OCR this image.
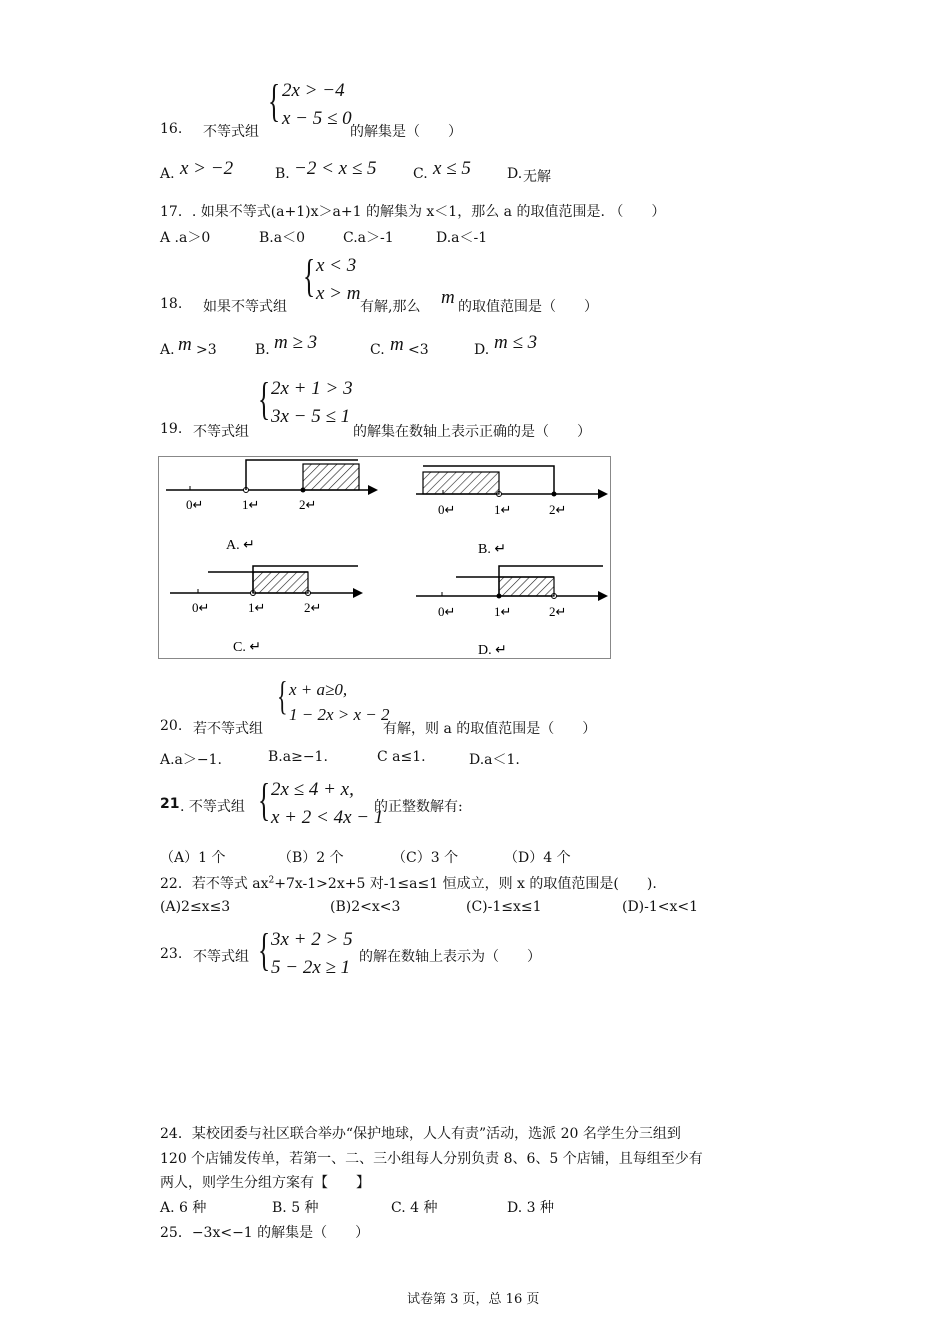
{ 2x > −4
x − 5 ≤ 0
16. 不等式组	的解集是（　　）
A. x > −2	B. −2 < x ≤ 5	C. x ≤ 5	D. 无解
17．. 如果不等式(a+1)x＞a+1 的解集为 x＜1，那么 a 的取值范围是. （　　）
A .a＞0	B.a＜0	C.a＞-1	D.a＜-1
{ x < 3
x > m
18. 如果不等式组	有解,那么 m 的取值范围是（　　）
A. m >3	B. m ≥ 3	C. m <3	D. m ≤ 3
{ 2x + 1 > 3
3x − 5 ≤ 1
19. 不等式组	的解集在数轴上表示正确的是（　　）
0↵	1↵	2↵
A. ↵
0↵	1↵	2↵
B. ↵
0↵	1↵	2↵
C. ↵
0↵	1↵	2↵
D. ↵
{ x + a≥0,
1 − 2x > x − 2
20. 若不等式组	有解，则 a 的取值范围是（　　）
A.a＞−1.	B.a≥−1.	C a≤1.	D.a＜1.
{ 2x ≤ 4 + x,
x + 2 < 4x − 1
21 . 不等式组	的正整数解有:
（A）1 个	（B）2 个	（C）3 个	（D）4 个
22．若不等式 $ax^2+7x-1>2x+5$ 对-1≤a≤1 恒成立，则 x 的取值范围是(　　).
(A)2≤x≤3	(B)2<x<3	(C)-1≤x≤1	(D)-1<x<1
{ 3x + 2 > 5
5 − 2x ≥ 1
23. 不等式组	的解在数轴上表示为（　　）
24．某校团委与社区联合举办“保护地球，人人有责”活动，选派 20 名学生分三组到
120 个店铺发传单，若第一、二、三小组每人分别负责 8、6、5 个店铺，且每组至少有
两人，则学生分组方案有【　　】
A. 6 种	B. 5 种	C. 4 种	D. 3 种
25．−3x<−1 的解集是（　　）
试卷第 3 页，总 16 页
